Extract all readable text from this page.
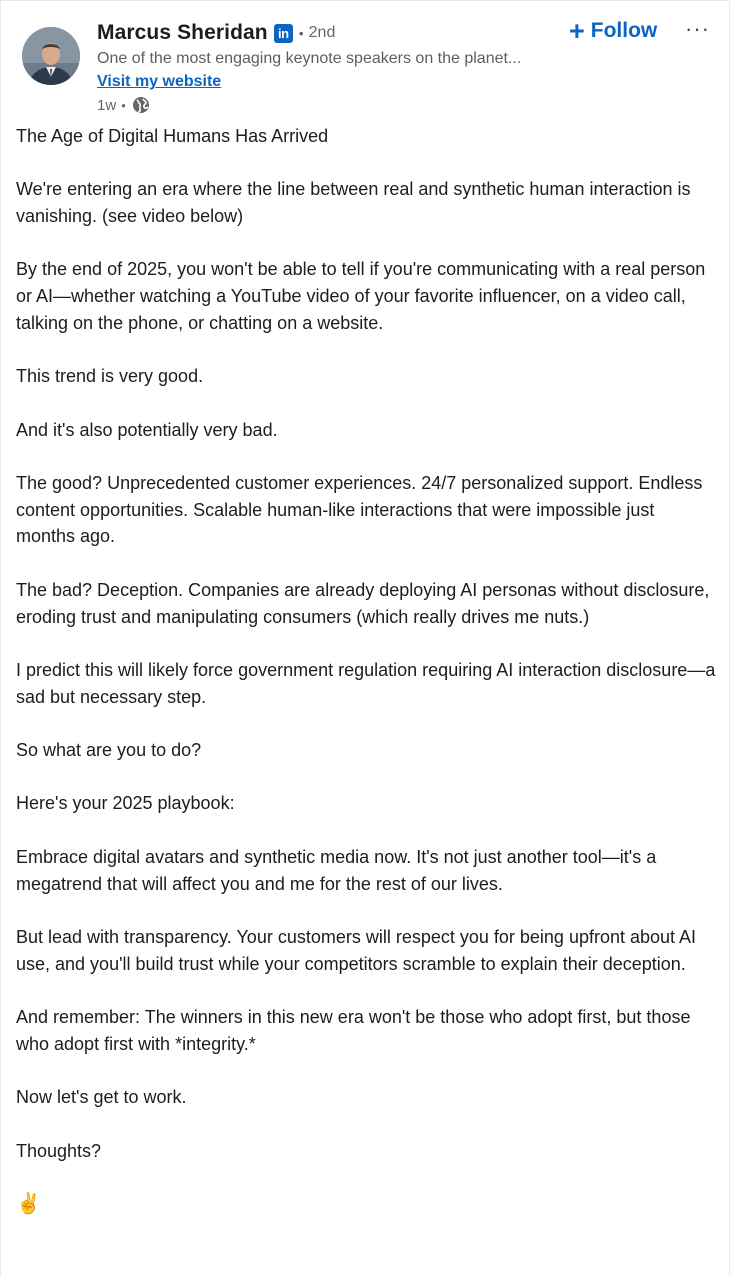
Marcus Sheridan in • 2nd
One of the most engaging keynote speakers on the planet...
Visit my website
1w •
+ Follow ···

The Age of Digital Humans Has Arrived

We're entering an era where the line between real and synthetic human interaction is vanishing. (see video below)

By the end of 2025, you won't be able to tell if you're communicating with a real person or AI—whether watching a YouTube video of your favorite influencer, on a video call, talking on the phone, or chatting on a website.

This trend is very good.

And it's also potentially very bad.

The good? Unprecedented customer experiences. 24/7 personalized support. Endless content opportunities. Scalable human-like interactions that were impossible just months ago.

The bad? Deception. Companies are already deploying AI personas without disclosure, eroding trust and manipulating consumers (which really drives me nuts.)

I predict this will likely force government regulation requiring AI interaction disclosure—a sad but necessary step.

So what are you to do?

Here's your 2025 playbook:

Embrace digital avatars and synthetic media now. It's not just another tool—it's a megatrend that will affect you and me for the rest of our lives.

But lead with transparency. Your customers will respect you for being upfront about AI use, and you'll build trust while your competitors scramble to explain their deception.

And remember: The winners in this new era won't be those who adopt first, but those who adopt first with *integrity.*

Now let's get to work.

Thoughts?

✌️
